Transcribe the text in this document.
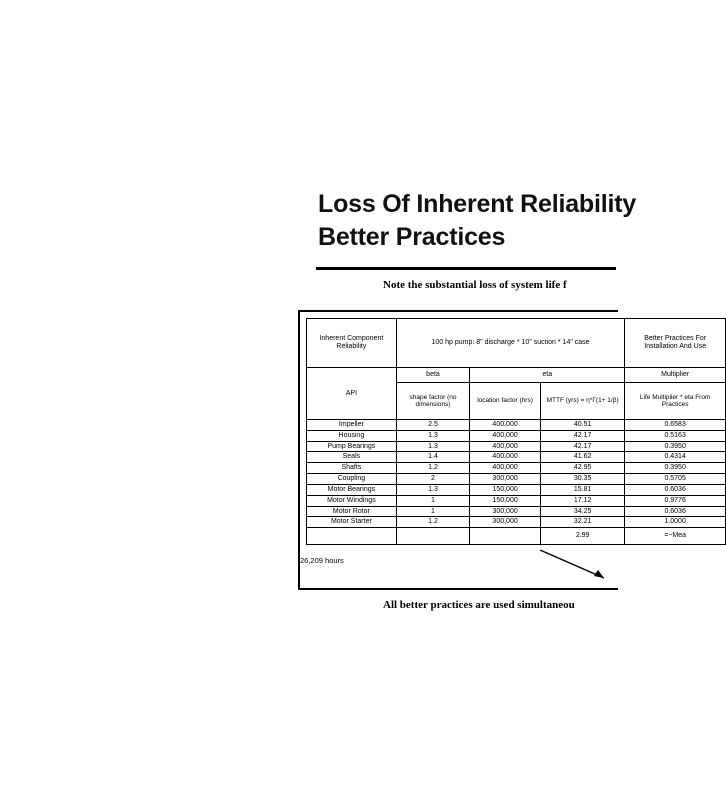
Loss Of Inherent Reliability
Better Practices
Note the substantial loss of system life f
Inherent Component Reliability	100 hp pump: 8" discharge * 10" suction * 14" case			Better Practices For Installation And Use
API	beta	eta		Multiplier
	shape factor (no dimensions)	location factor (hrs)	MTTF (yrs) = η*Γ(1+ 1/β)	Life Multiplier * eta From Practices
Impeller	2.5	400,000	40.51	0.6583
Housing	1.3	400,000	42.17	0.5163
Pump Bearings	1.3	400,000	42.17	0.3950
Seals	1.4	400,000	41.62	0.4314
Shafts	1.2	400,000	42.95	0.3950
Coupling	2	300,000	30.35	0.5705
Motor Bearings	1.3	150,000	15.81	0.6036
Motor Windings	1	150,000	17.12	0.9776
Motor Rotor	1	300,000	34.25	0.6036
Motor Starter	1.2	300,000	32.21	1.0000
			2.99	=~Mea
26,209 hours
All better practices are used simultaneou
